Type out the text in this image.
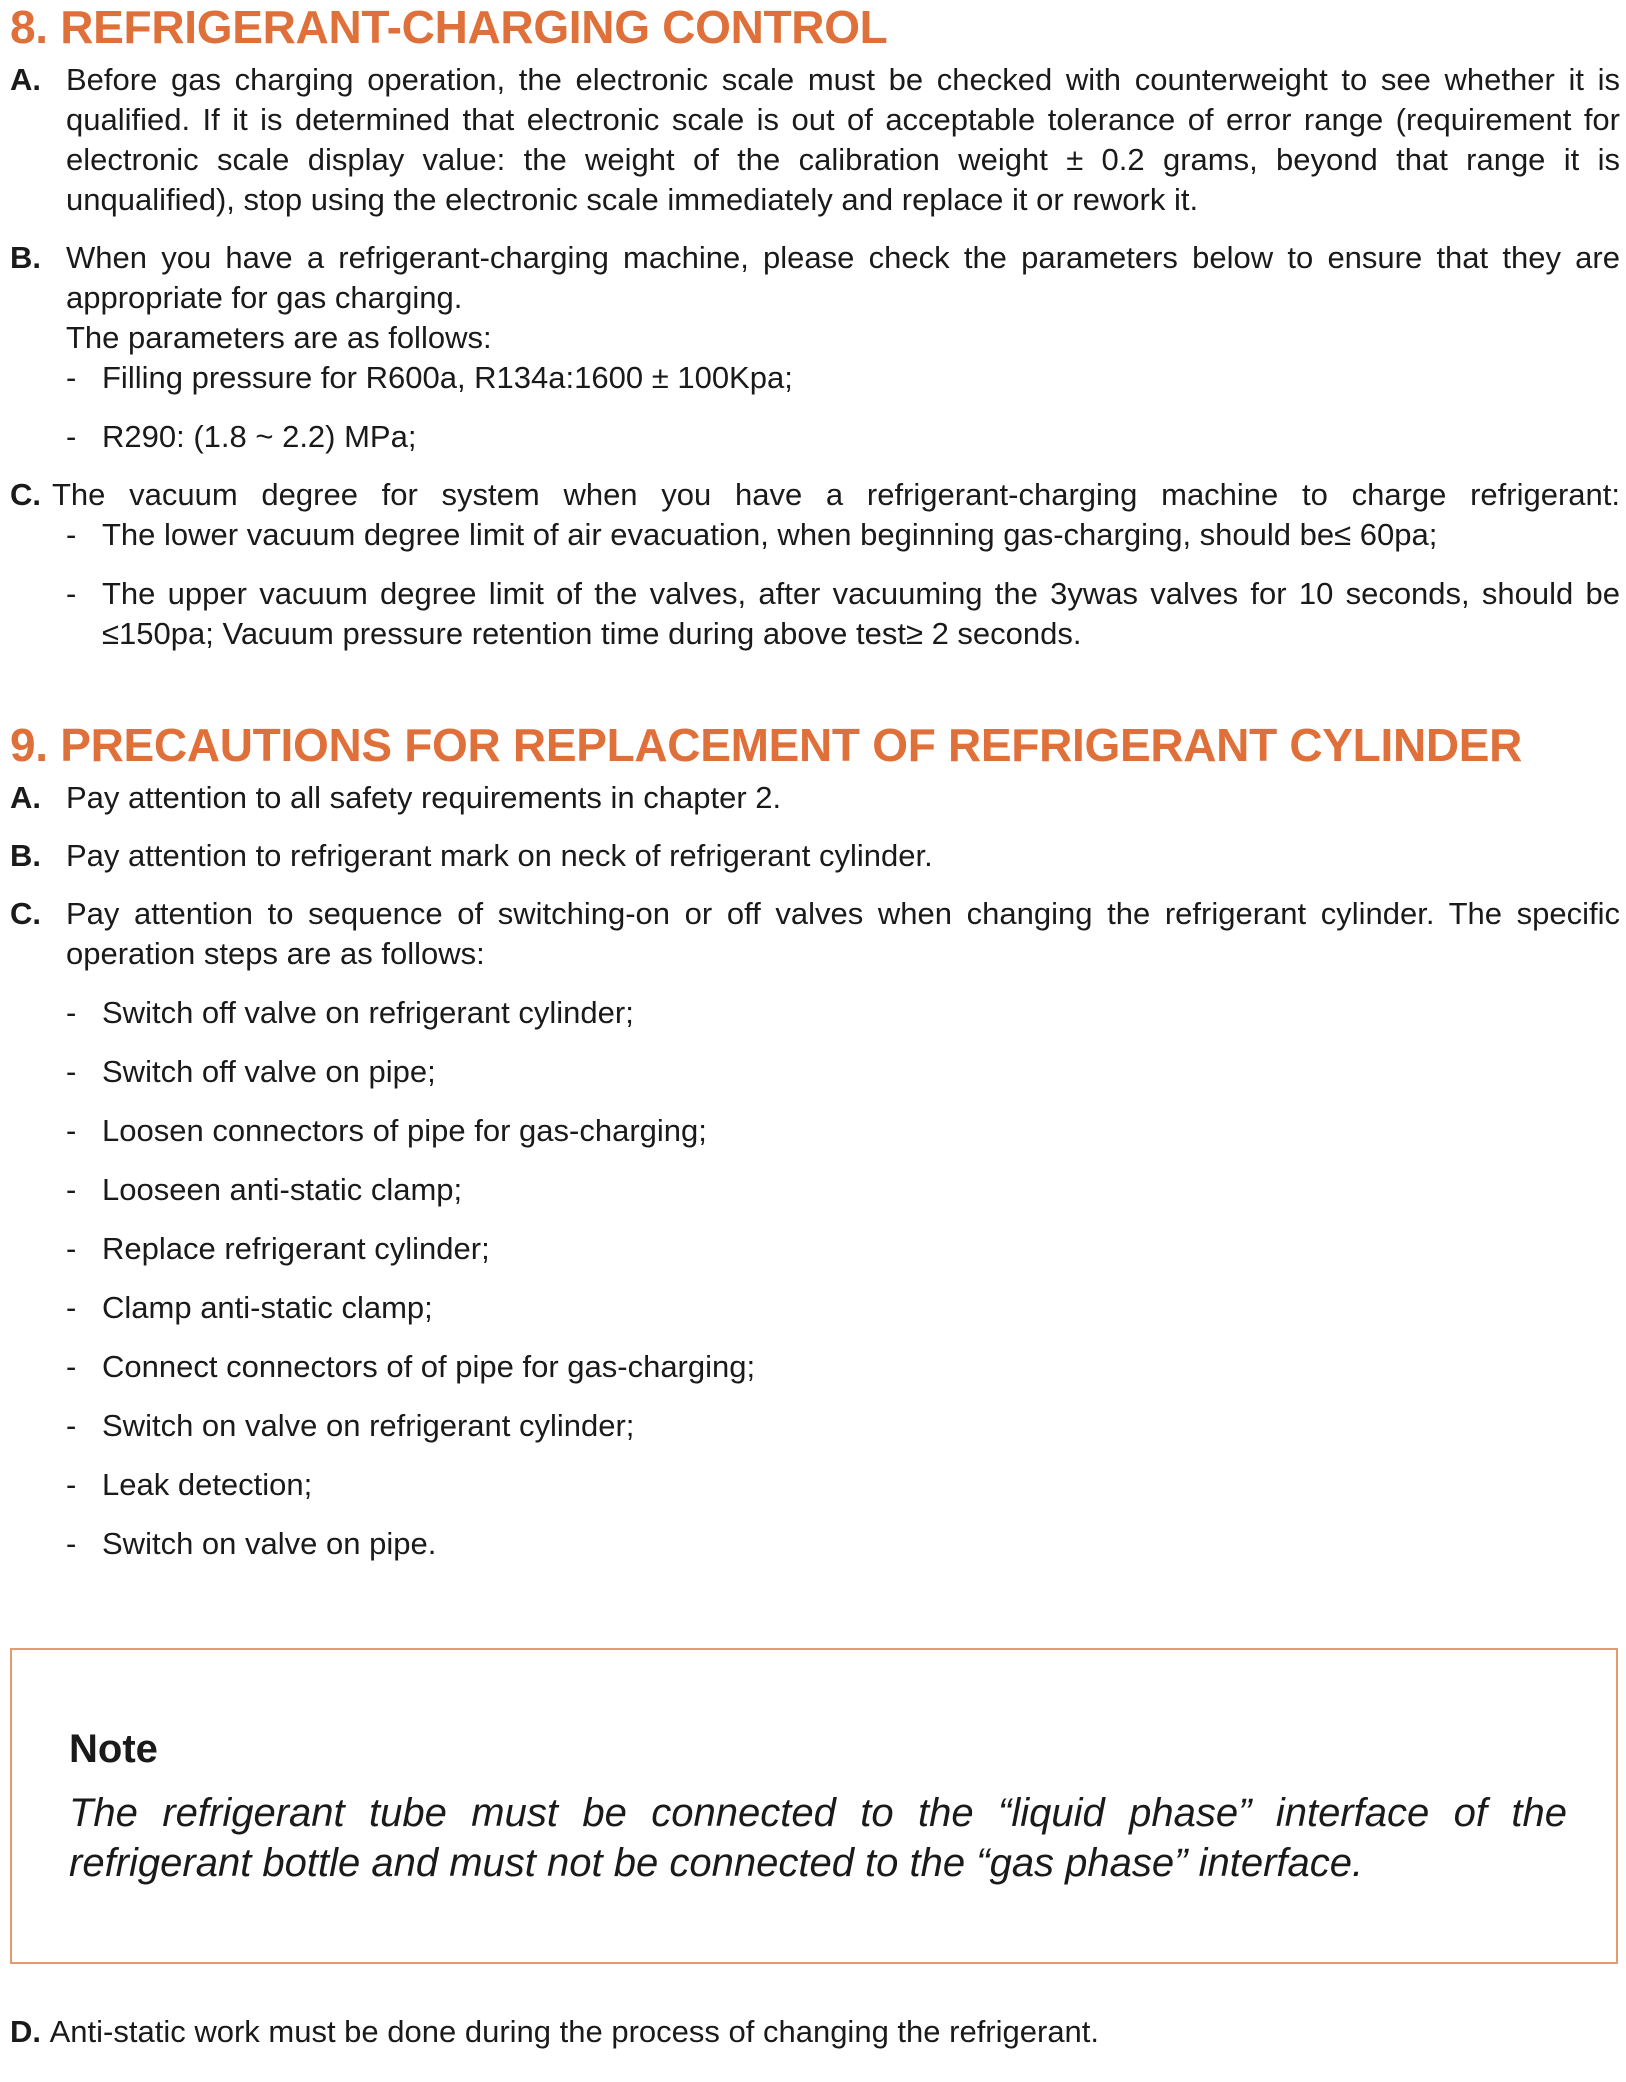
8. REFRIGERANT-CHARGING CONTROL
A. Before gas charging operation, the electronic scale must be checked with counterweight to see whether it is qualified. If it is determined that electronic scale is out of acceptable tolerance of error range (requirement for electronic scale display value: the weight of the calibration weight ± 0.2 grams, beyond that range it is unqualified), stop using the electronic scale immediately and replace it or rework it.
B. When you have a refrigerant-charging machine, please check the parameters below to ensure that they are appropriate for gas charging.
The parameters are as follows:
- Filling pressure for R600a, R134a:1600 ± 100Kpa;
- R290: (1.8 ~ 2.2) MPa;
C. The vacuum degree for system when you have a refrigerant-charging machine to charge refrigerant:
- The lower vacuum degree limit of air evacuation, when beginning gas-charging, should be≤ 60pa;
- The upper vacuum degree limit of the valves, after vacuuming the 3ywas valves for 10 seconds, should be ≤150pa; Vacuum pressure retention time during above test≥ 2 seconds.
9. PRECAUTIONS FOR REPLACEMENT OF REFRIGERANT CYLINDER
A. Pay attention to all safety requirements in chapter 2.
B. Pay attention to refrigerant mark on neck of refrigerant cylinder.
C. Pay attention to sequence of switching-on or off valves when changing the refrigerant cylinder. The specific operation steps are as follows:
- Switch off valve on refrigerant cylinder;
- Switch off valve on pipe;
- Loosen connectors of pipe for gas-charging;
- Looseen anti-static clamp;
- Replace refrigerant cylinder;
- Clamp anti-static clamp;
- Connect connectors of of pipe for gas-charging;
- Switch on valve on refrigerant cylinder;
- Leak detection;
- Switch on valve on pipe.
Note
The refrigerant tube must be connected to the “liquid phase” interface of the
refrigerant bottle and must not be connected to the “gas phase” interface.
D. Anti-static work must be done during the process of changing the refrigerant.
